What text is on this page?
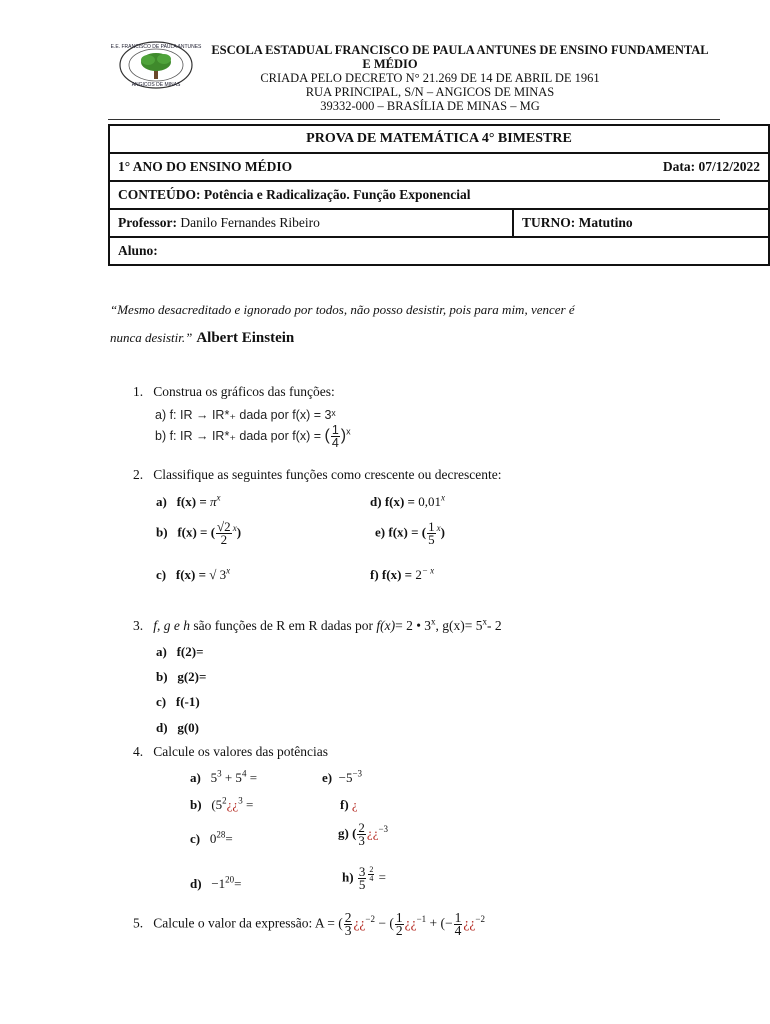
E.E. FRANCISCO DE PAULA ANTUNES
ANGICOS DE MINAS
ESCOLA ESTADUAL FRANCISCO DE PAULA ANTUNES DE ENSINO FUNDAMENTAL
E MÉDIO
CRIADA PELO DECRETO N° 21.269 DE 14 DE ABRIL DE 1961
RUA PRINCIPAL, S/N – ANGICOS DE MINAS
39332-000 – BRASÍLIA DE MINAS – MG
PROVA DE MATEMÁTICA 4° BIMESTRE
1° ANO DO ENSINO MÉDIO	Data: 07/12/2022

CONTEÚDO: Potência e Radicalização. Função Exponencial
Professor: Danilo Fernandes Ribeiro	TURNO: Matutino
Aluno:
“Mesmo desacreditado e ignorado por todos, não posso desistir, pois para mim, vencer é
nunca desistir.” Albert Einstein
1. Construa os gráficos das funções:
a) f: IR → IR*₊ dada por f(x) = 3ˣ
b) f: IR → IR*₊ dada por f(x) = ( $\frac{1}{4} )^x$
2. Classifique as seguintes funções como crescente ou decrescente:
a) $f(x) = \pi^x$	d) $f(x) = 0,01^x$
b) f(x) = ( $\frac{√2}{2} ^x$)	e) f(x) = ( $\frac{1}{5} ^x$)
c) f(x) = √ 3$^x$	f) $f(x) = 2^{- x}$
3. f, g e h são funções de R em R dadas por f(x)= 2 • 3$^x$, $g(x)= 5^x-$ 2
a) f(2)=
b) g(2)=
c) f(-1)
d) g(0)
4. Calcule os valores das potências
a) $5^3 + 5^4$ =	$e) -5^{-3}$
b) ($5^2¿¿^3$ =	f) ¿
c) $0^{28}=$	g) ( $\frac{2}{3}$ ¿¿$^{-3}$
$d) -1^{20}=$	$h) \frac{3}{5} \frac{2}{4}$ =
5. Calcule o valor da expressão: A = ( $\frac{2}{3}$ ¿¿$^{-2}$ − ( $\frac{1}{2}$ ¿¿$^{-1}$ + (− $\frac{1}{4}$ ¿¿$^{-2}$
